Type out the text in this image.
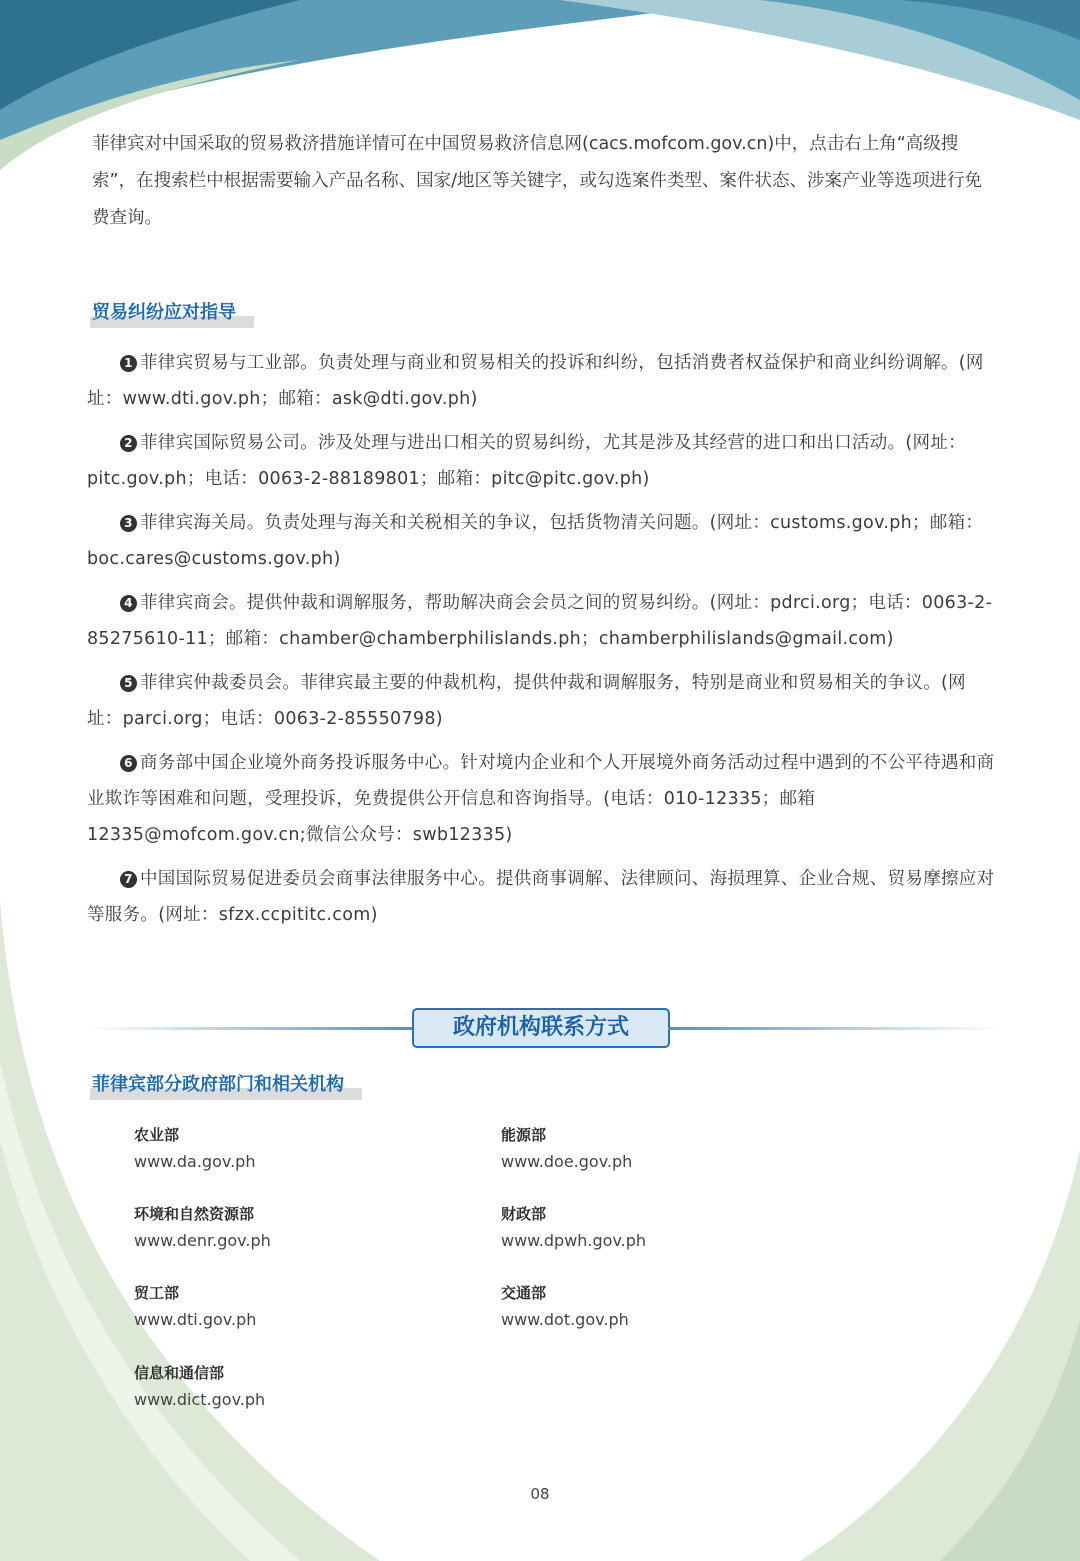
菲律宾对中国采取的贸易救济措施详情可在中国贸易救济信息网(cacs.mofcom.gov.cn)中，点击右上角“高级搜索”，在搜索栏中根据需要输入产品名称、国家/地区等关键字，或勾选案件类型、案件状态、涉案产业等选项进行免费查询。

贸易纠纷应对指导

1 菲律宾贸易与工业部。负责处理与商业和贸易相关的投诉和纠纷，包括消费者权益保护和商业纠纷调解。(网址：www.dti.gov.ph；邮箱：ask@dti.gov.ph)

2 菲律宾国际贸易公司。涉及处理与进出口相关的贸易纠纷，尤其是涉及其经营的进口和出口活动。(网址：pitc.gov.ph；电话：0063-2-88189801；邮箱：pitc@pitc.gov.ph)

3 菲律宾海关局。负责处理与海关和关税相关的争议，包括货物清关问题。(网址：customs.gov.ph；邮箱：boc.cares@customs.gov.ph)

4 菲律宾商会。提供仲裁和调解服务，帮助解决商会会员之间的贸易纠纷。(网址：pdrci.org；电话：0063-2-85275610-11；邮箱：chamber@chamberphilislands.ph；chamberphilislands@gmail.com)

5 菲律宾仲裁委员会。菲律宾最主要的仲裁机构，提供仲裁和调解服务，特别是商业和贸易相关的争议。(网址：parci.org；电话：0063-2-85550798)

6 商务部中国企业境外商务投诉服务中心。针对境内企业和个人开展境外商务活动过程中遇到的不公平待遇和商业欺诈等困难和问题，受理投诉，免费提供公开信息和咨询指导。(电话：010-12335；邮箱12335@mofcom.gov.cn;微信公众号：swb12335)

7 中国国际贸易促进委员会商事法律服务中心。提供商事调解、法律顾问、海损理算、企业合规、贸易摩擦应对等服务。(网址：sfzx.ccpititc.com)

政府机构联系方式
菲律宾部分政府部门和相关机构
农业部
www.da.gov.ph
能源部
www.doe.gov.ph
环境和自然资源部
www.denr.gov.ph
财政部
www.dpwh.gov.ph
贸工部
www.dti.gov.ph
交通部
www.dot.gov.ph
信息和通信部
www.dict.gov.ph
08
